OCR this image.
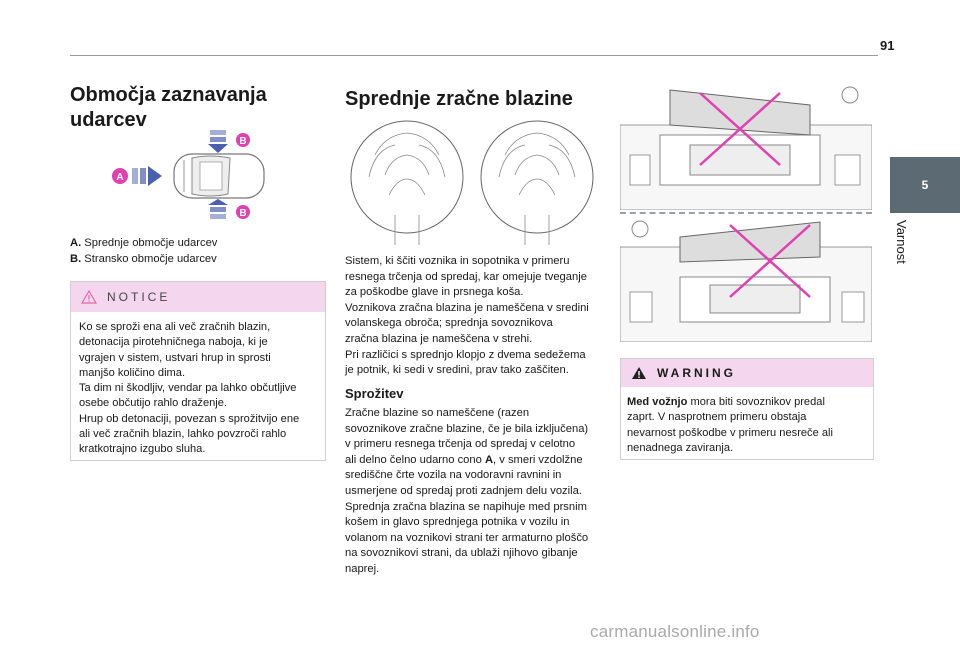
91
5
Varnost
Območja zaznavanja
udarcev
A
B
B

A. Sprednje območje udarcev

B. Stransko območje udarcev

NOTICE
Ko se sproži ena ali več zračnih blazin,
detonacija pirotehničnega naboja, ki je
vgrajen v sistem, ustvari hrup in sprosti
manjšo količino dima.
Ta dim ni škodljiv, vendar pa lahko občutljive
osebe občutijo rahlo draženje.
Hrup ob detonaciji, povezan s sprožitvijo ene
ali več zračnih blazin, lahko povzroči rahlo
kratkotrajno izgubo sluha.
Sprednje zračne blazine
Sistem, ki ščiti voznika in sopotnika v primeru
resnega trčenja od spredaj, kar omejuje tveganje
za poškodbe glave in prsnega koša.
Voznikova zračna blazina je nameščena v sredini
volanskega obroča; sprednja sovoznikova
zračna blazina je nameščena v strehi.
Pri različici s sprednjo klopjo z dvema sedežema
je potnik, ki sedi v sredini, prav tako zaščiten.
Sprožitev
Zračne blazine so nameščene (razen
sovoznikove zračne blazine, če je bila izključena)
v primeru resnega trčenja od spredaj v celotno
ali delno čelno udarno cono A, v smeri vzdolžne
središčne črte vozila na vodoravni ravnini in
usmerjene od spredaj proti zadnjem delu vozila.
Sprednja zračna blazina se napihuje med prsnim
košem in glavo sprednjega potnika v vozilu in
volanom na voznikovi strani ter armaturno ploščo
na sovoznikovi strani, da ublaži njihovo gibanje
naprej.
WARNING
Med vožnjo mora biti sovoznikov predal
zaprt. V nasprotnem primeru obstaja
nevarnost poškodbe v primeru nesreče ali
nenadnega zaviranja.
carmanualsonline.info
